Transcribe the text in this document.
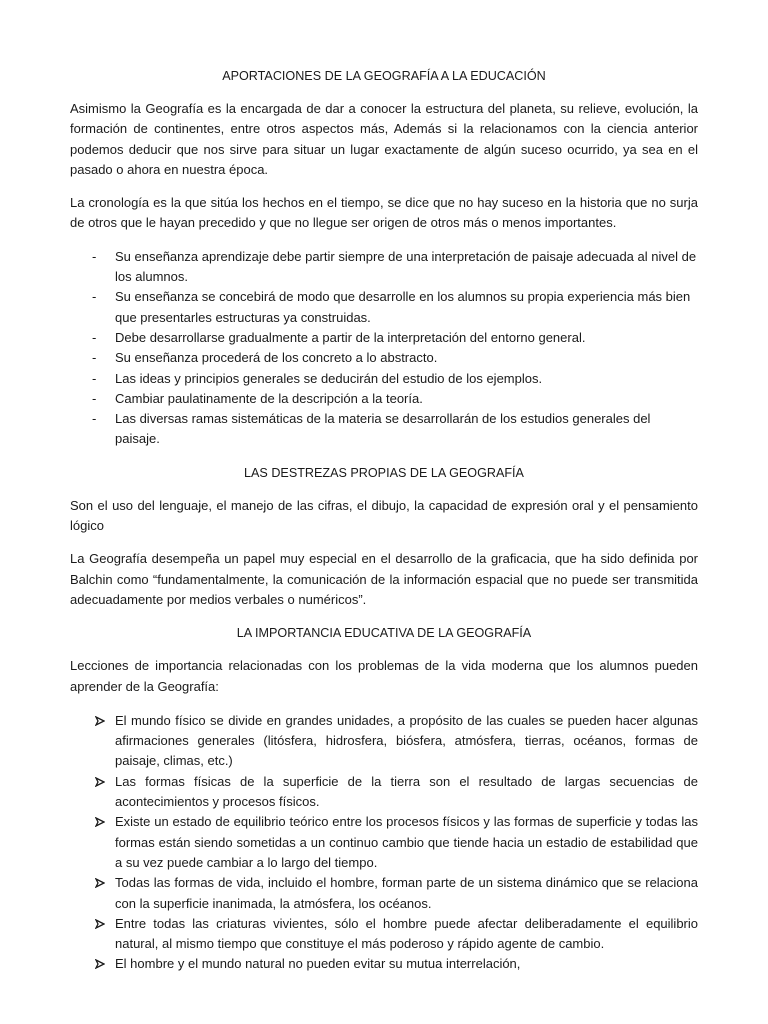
APORTACIONES DE LA GEOGRAFÍA A LA EDUCACIÓN
Asimismo la Geografía es la encargada de dar a conocer la estructura del planeta, su relieve, evolución, la formación de continentes, entre otros aspectos más, Además si la relacionamos con la ciencia anterior podemos deducir que nos sirve para situar un lugar exactamente de algún suceso ocurrido, ya sea en el pasado o ahora en nuestra época.
La cronología es la que sitúa los hechos en el tiempo, se dice que no hay suceso en la historia que no surja de otros que le hayan precedido y que no llegue ser origen de otros más o menos importantes.
- Su enseñanza aprendizaje debe partir siempre de una interpretación de paisaje adecuada al nivel de los alumnos.
- Su enseñanza se concebirá de modo que desarrolle en los alumnos su propia experiencia más bien que presentarles estructuras ya construidas.
- Debe desarrollarse gradualmente a partir de la interpretación del entorno general.
- Su enseñanza procederá de los concreto a lo abstracto.
- Las ideas y principios generales se deducirán del estudio de los ejemplos.
- Cambiar paulatinamente de la descripción a la teoría.
- Las diversas ramas sistemáticas de la materia se desarrollarán de los estudios generales del paisaje.
LAS DESTREZAS PROPIAS DE LA GEOGRAFÍA
Son el uso del lenguaje, el manejo de las cifras, el dibujo, la capacidad de expresión oral y el pensamiento lógico
La Geografía desempeña un papel muy especial en el desarrollo de la graficacia, que ha sido definida por Balchin como “fundamentalmente, la comunicación de la información espacial que no puede ser transmitida adecuadamente por medios verbales o numéricos”.
LA IMPORTANCIA EDUCATIVA DE LA GEOGRAFÍA
Lecciones de importancia relacionadas con los problemas de la vida moderna que los alumnos pueden aprender de la Geografía:
El mundo físico se divide en grandes unidades, a propósito de las cuales se pueden hacer algunas afirmaciones generales (litósfera, hidrosfera, biósfera, atmósfera, tierras, océanos, formas de paisaje, climas, etc.)
Las formas físicas de la superficie de la tierra son el resultado de largas secuencias de acontecimientos y procesos físicos.
Existe un estado de equilibrio teórico entre los procesos físicos y las formas de superficie y todas las formas están siendo sometidas a un continuo cambio que tiende hacia un estadio de estabilidad que a su vez puede cambiar a lo largo del tiempo.
Todas las formas de vida, incluido el hombre, forman parte de un sistema dinámico que se relaciona con la superficie inanimada, la atmósfera, los océanos.
Entre todas las criaturas vivientes, sólo el hombre puede afectar deliberadamente el equilibrio natural, al mismo tiempo que constituye el más poderoso y rápido agente de cambio.
El hombre y el mundo natural no pueden evitar su mutua interrelación,
